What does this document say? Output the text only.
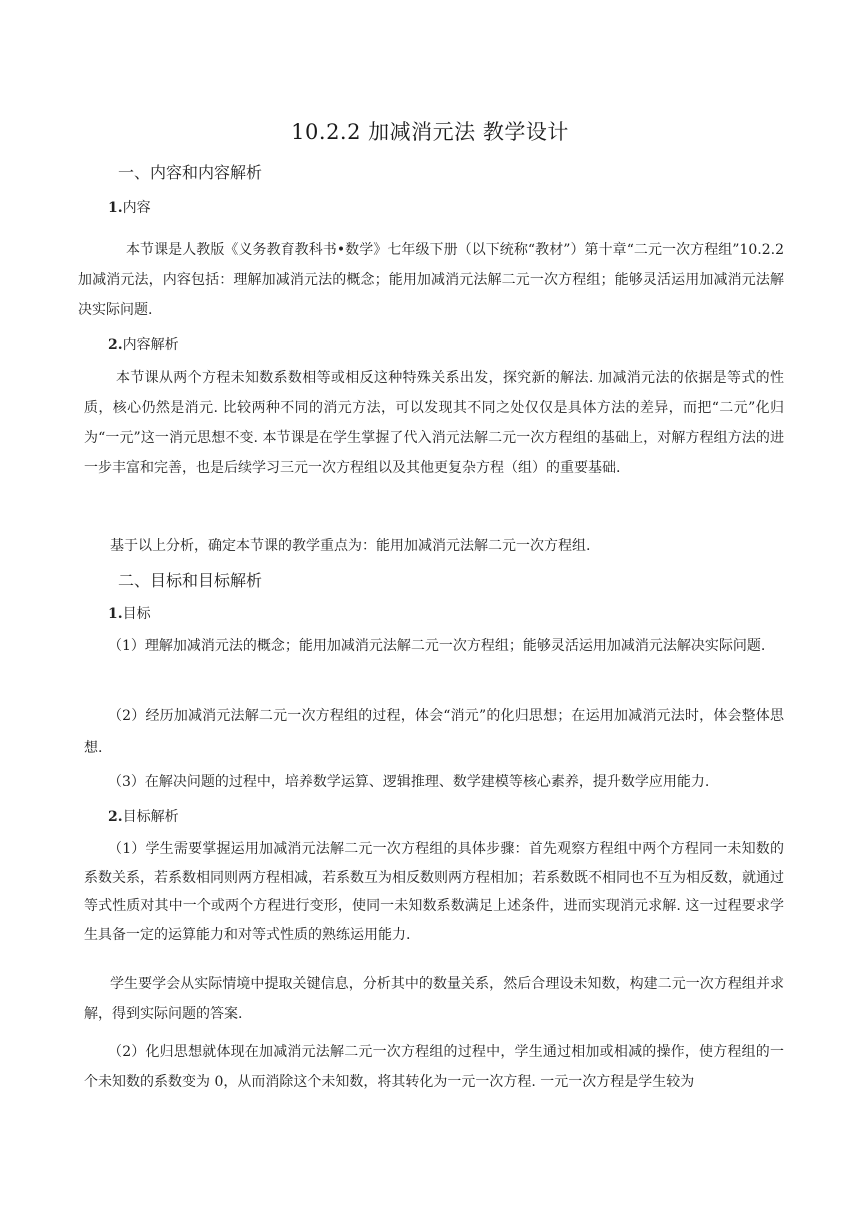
10.2.2 加减消元法 教学设计
一、内容和内容解析
1.内容

本节课是人教版《义务教育教科书•数学》七年级下册（以下统称“教材”）第十章“二元一次方程组”10.2.2加减消元法，内容包括：理解加减消元法的概念；能用加减消元法解二元一次方程组；能够灵活运用加减消元法解决实际问题.

2.内容解析

本节课从两个方程未知数系数相等或相反这种特殊关系出发，探究新的解法. 加减消元法的依据是等式的性质，核心仍然是消元. 比较两种不同的消元方法，可以发现其不同之处仅仅是具体方法的差异，而把“二元”化归为“一元”这一消元思想不变. 本节课是在学生掌握了代入消元法解二元一次方程组的基础上，对解方程组方法的进一步丰富和完善，也是后续学习三元一次方程组以及其他更复杂方程（组）的重要基础.

基于以上分析，确定本节课的教学重点为：能用加减消元法解二元一次方程组.

二、目标和目标解析
1.目标

（1）理解加减消元法的概念；能用加减消元法解二元一次方程组；能够灵活运用加减消元法解决实际问题.

（2）经历加减消元法解二元一次方程组的过程，体会“消元”的化归思想；在运用加减消元法时，体会整体思想.

（3）在解决问题的过程中，培养数学运算、逻辑推理、数学建模等核心素养，提升数学应用能力.

2.目标解析

（1）学生需要掌握运用加减消元法解二元一次方程组的具体步骤：首先观察方程组中两个方程同一未知数的系数关系，若系数相同则两方程相减，若系数互为相反数则两方程相加；若系数既不相同也不互为相反数，就通过等式性质对其中一个或两个方程进行变形，使同一未知数系数满足上述条件，进而实现消元求解. 这一过程要求学生具备一定的运算能力和对等式性质的熟练运用能力.

学生要学会从实际情境中提取关键信息，分析其中的数量关系，然后合理设未知数，构建二元一次方程组并求解，得到实际问题的答案.

（2）化归思想就体现在加减消元法解二元一次方程组的过程中，学生通过相加或相减的操作，使方程组的一个未知数的系数变为 0，从而消除这个未知数，将其转化为一元一次方程. 一元一次方程是学生较为
